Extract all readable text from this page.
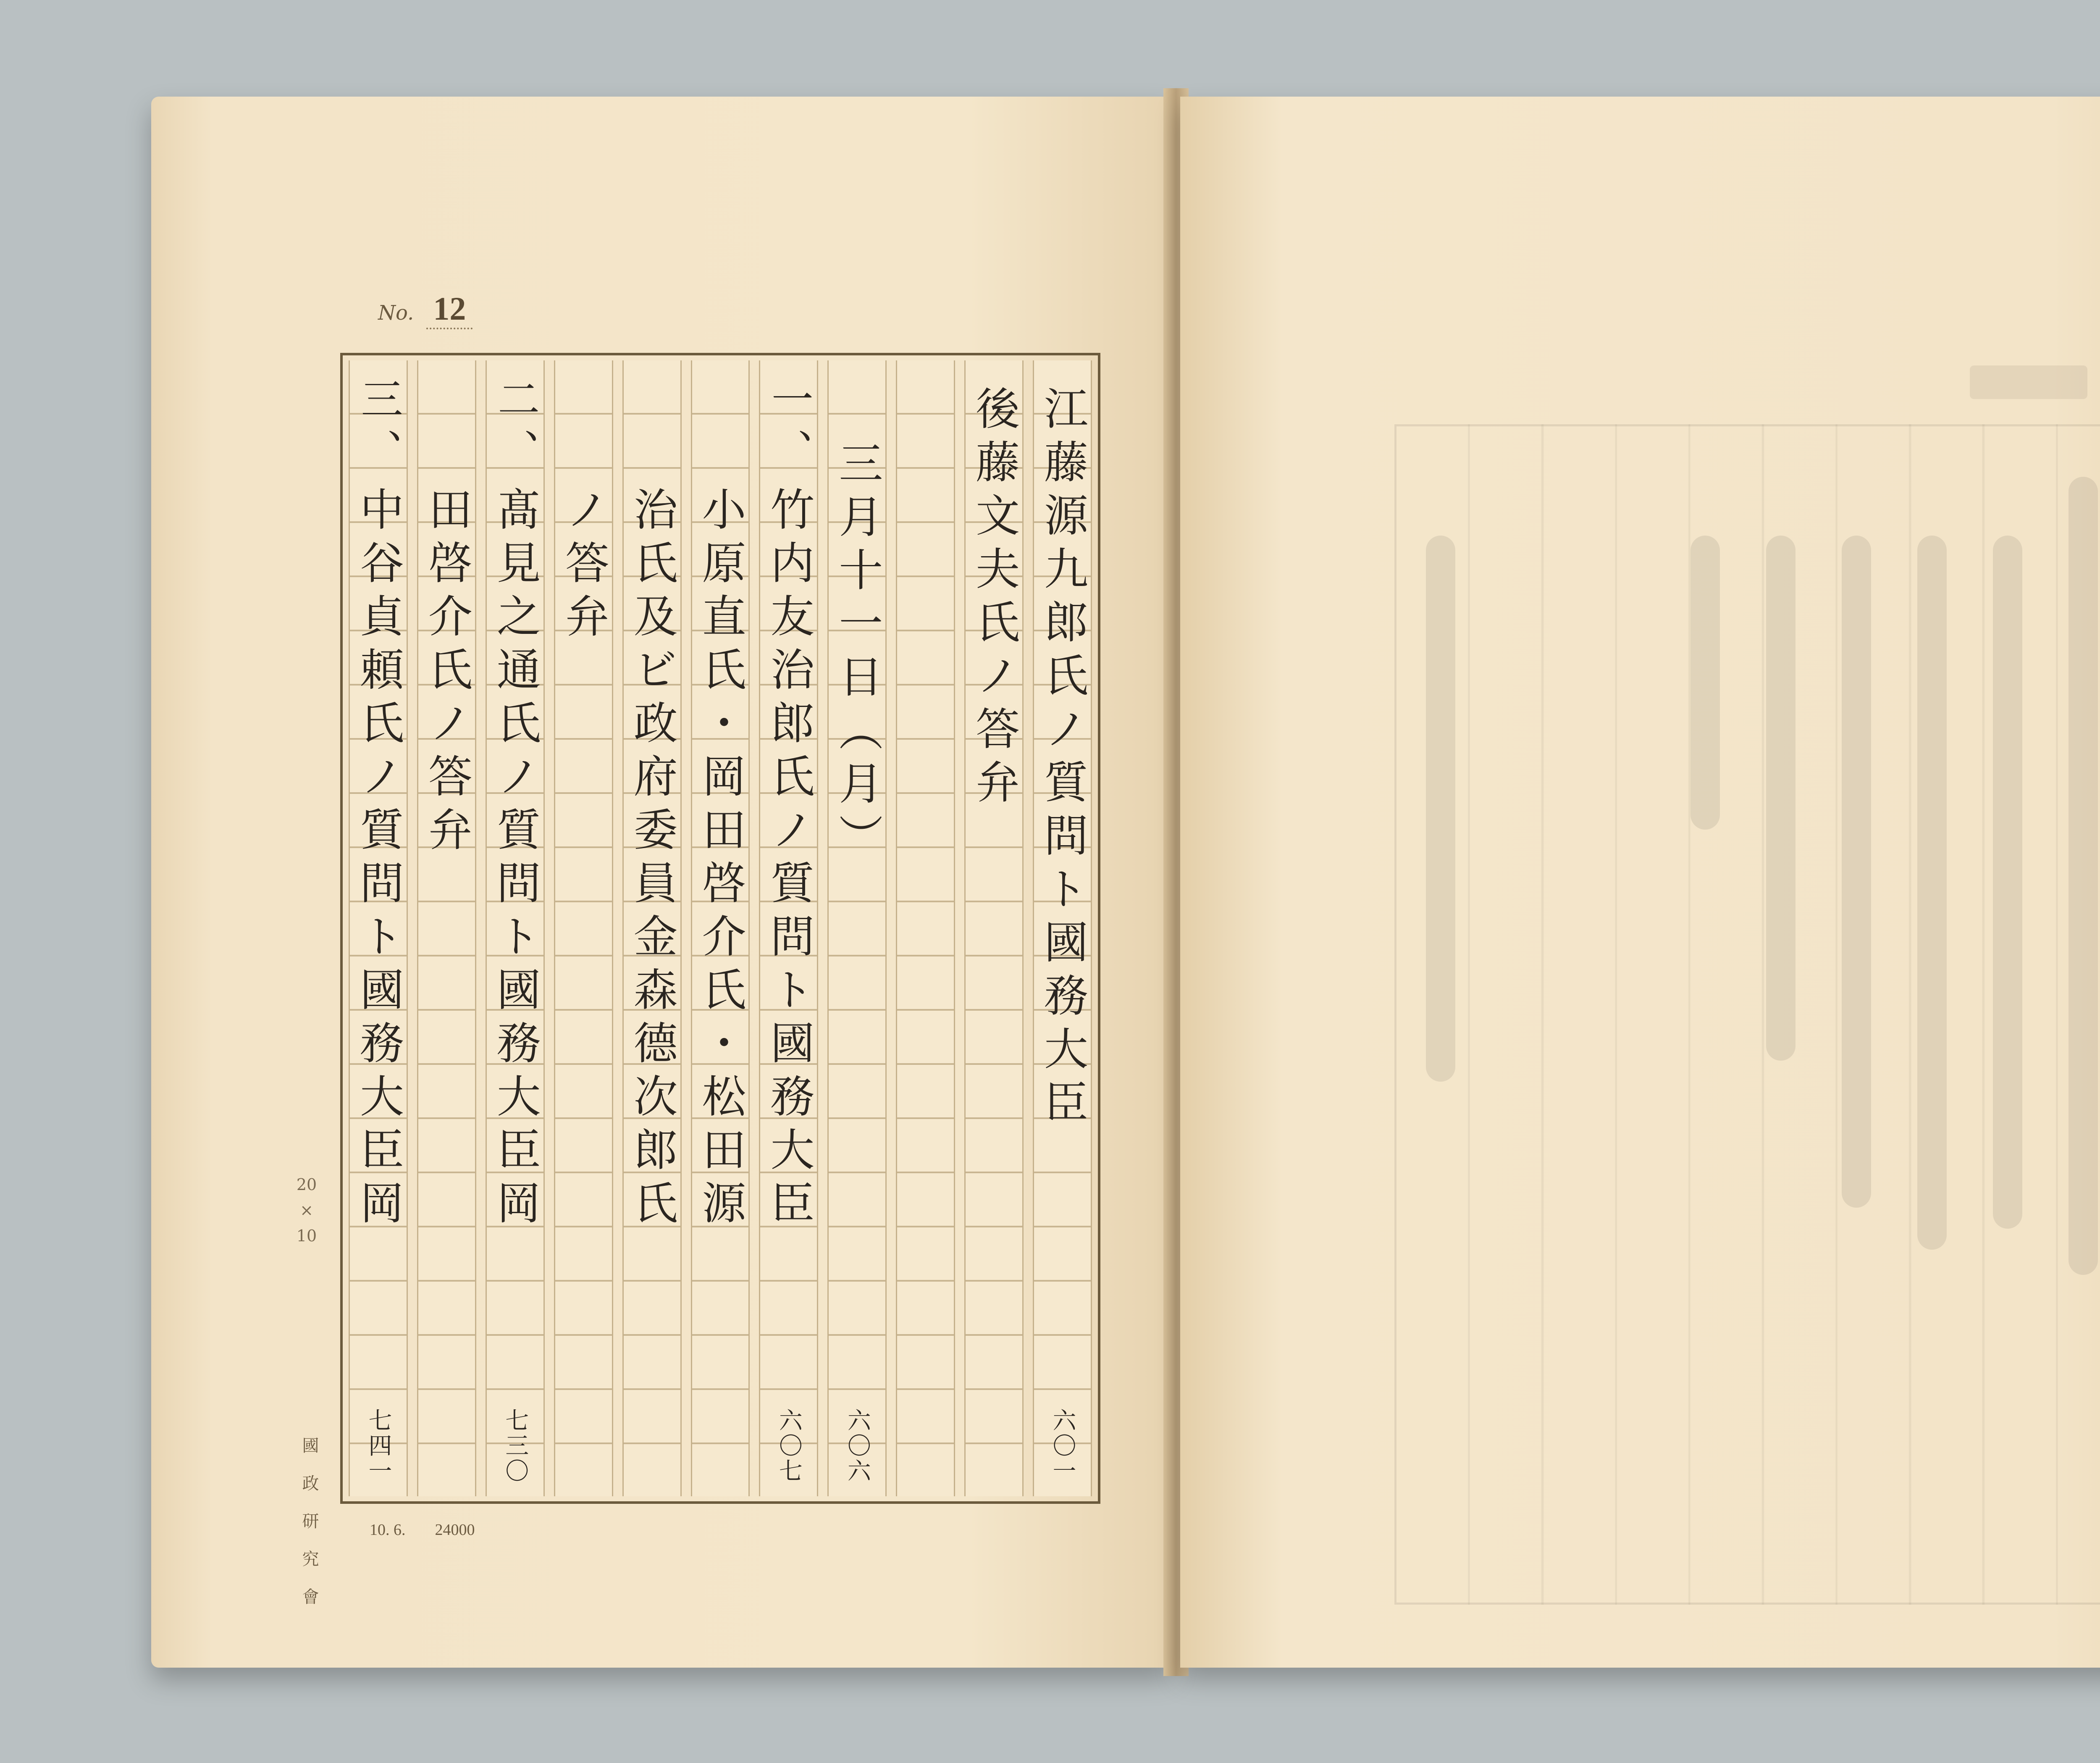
No. 12
江藤源九郎氏ノ質問ト國務大臣
六〇一
後藤文夫氏ノ答弁
三月十一日（月）
六〇六
一、
竹内友治郎氏ノ質問ト國務大臣
六〇七
小原直氏・岡田啓介氏・松田源
治氏及ビ政府委員金森德次郎氏
ノ答弁
二、
髙見之通氏ノ質問ト國務大臣岡
七三〇
田啓介氏ノ答弁
三、
中谷貞頼氏ノ質問ト國務大臣岡
七四一
20
×
10
國政研究會	10. 6. 24000
